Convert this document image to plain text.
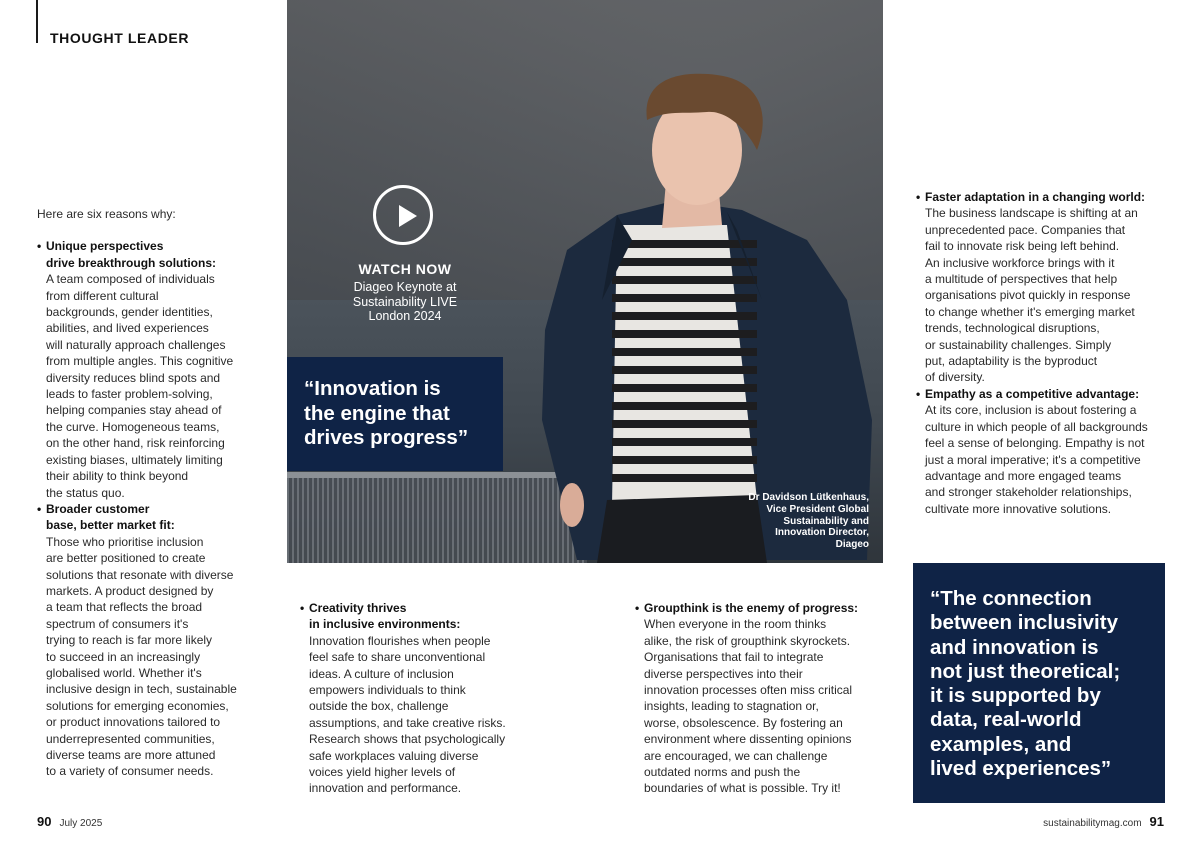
THOUGHT LEADER

Here are six reasons why:

• Unique perspectives
drive breakthrough solutions:
A team composed of individuals
from different cultural
backgrounds, gender identities,
abilities, and lived experiences
will naturally approach challenges
from multiple angles. This cognitive
diversity reduces blind spots and
leads to faster problem-solving,
helping companies stay ahead of
the curve. Homogeneous teams,
on the other hand, risk reinforcing
existing biases, ultimately limiting
their ability to think beyond
the status quo.

• Broader customer
base, better market fit:
Those who prioritise inclusion
are better positioned to create
solutions that resonate with diverse
markets. A product designed by
a team that reflects the broad
spectrum of consumers it's
trying to reach is far more likely
to succeed in an increasingly
globalised world. Whether it's
inclusive design in tech, sustainable
solutions for emerging economies,
or product innovations tailored to
underrepresented communities,
diverse teams are more attuned
to a variety of consumer needs.

WATCH NOW
Diageo Keynote at
Sustainability LIVE
London 2024
“Innovation is
the engine that
drives progress”
Dr Davidson Lütkenhaus,
Vice President Global
Sustainability and
Innovation Director,
Diageo

• Creativity thrives
in inclusive environments:
Innovation flourishes when people
feel safe to share unconventional
ideas. A culture of inclusion
empowers individuals to think
outside the box, challenge
assumptions, and take creative risks.
Research shows that psychologically
safe workplaces valuing diverse
voices yield higher levels of
innovation and performance.

• Groupthink is the enemy of progress:
When everyone in the room thinks
alike, the risk of groupthink skyrockets.
Organisations that fail to integrate
diverse perspectives into their
innovation processes often miss critical
insights, leading to stagnation or,
worse, obsolescence. By fostering an
environment where dissenting opinions
are encouraged, we can challenge
outdated norms and push the
boundaries of what is possible. Try it!

• Faster adaptation in a changing world:
The business landscape is shifting at an
unprecedented pace. Companies that
fail to innovate risk being left behind.
An inclusive workforce brings with it
a multitude of perspectives that help
organisations pivot quickly in response
to change whether it's emerging market
trends, technological disruptions,
or sustainability challenges. Simply
put, adaptability is the byproduct
of diversity.

• Empathy as a competitive advantage:
At its core, inclusion is about fostering a
culture in which people of all backgrounds
feel a sense of belonging. Empathy is not
just a moral imperative; it's a competitive
advantage and more engaged teams
and stronger stakeholder relationships,
cultivate more innovative solutions.

“The connection
between inclusivity
and innovation is
not just theoretical;
it is supported by
data, real-world
examples, and
lived experiences”
90 July 2025	sustainabilitymag.com 91
